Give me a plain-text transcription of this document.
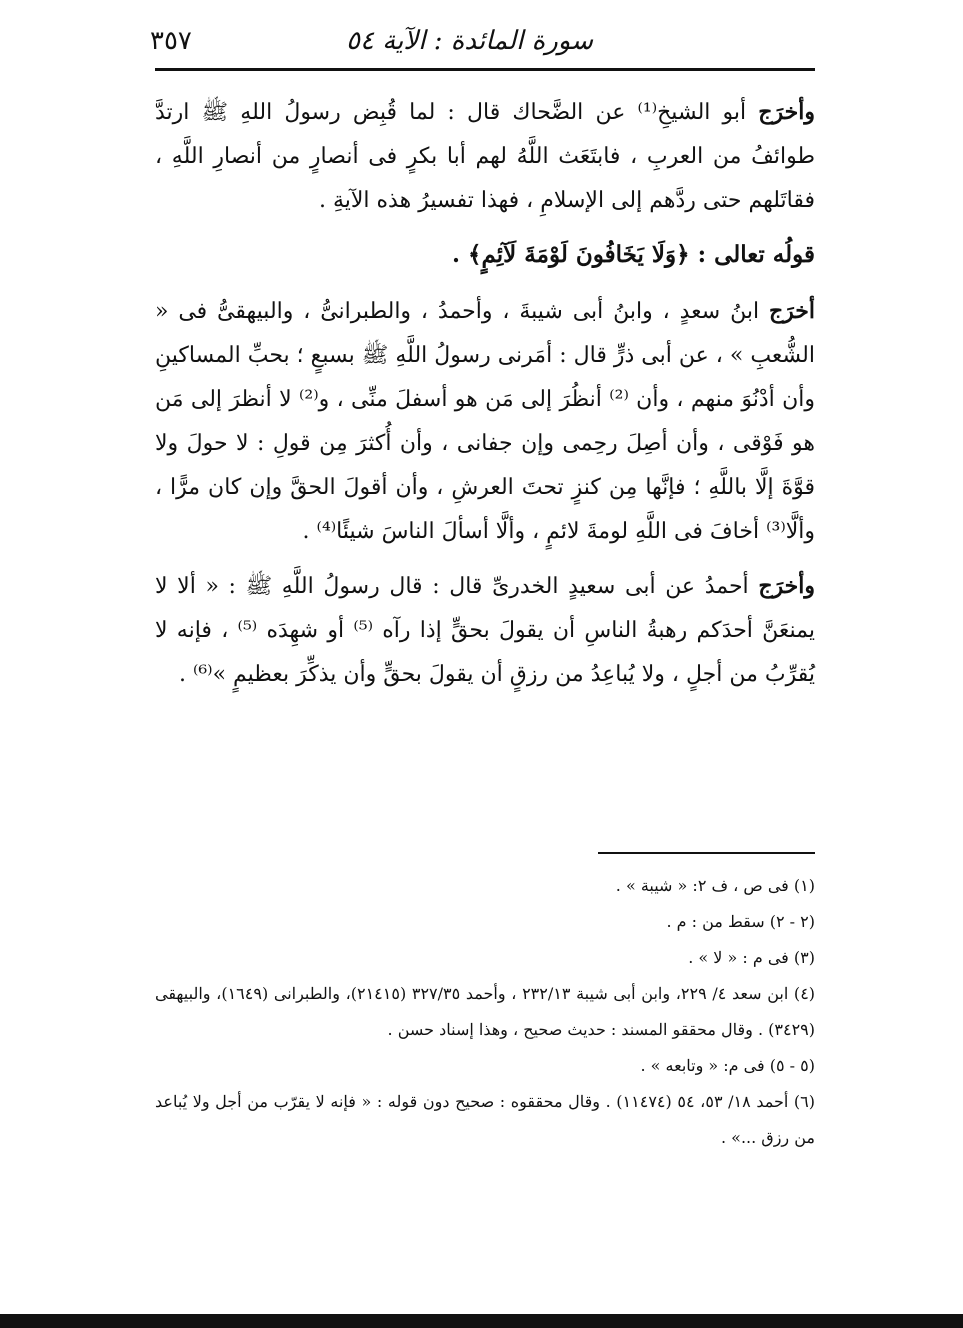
سورة المائدة : الآية ٥٤
٣٥٧

وأخرَج أبو الشيخِ⁽¹⁾ عن الضَّحاك قال : لما قُبِض رسولُ اللهِ ﷺ ارتدَّ طوائفُ من العربِ ، فابتَعَث اللَّهُ لهم أبا بكرٍ فى أنصارٍ من أنصارِ اللَّهِ ، فقاتَلهم حتى ردَّهم إلى الإسلامِ ، فهذا تفسيرُ هذه الآيةِ .

قولُه تعالى : ﴿وَلَا يَخَافُونَ لَوْمَةَ لَآئِمٍ﴾ .

أخرَج ابنُ سعدٍ ، وابنُ أبى شيبةَ ، وأحمدُ ، والطبرانىُّ ، والبيهقىُّ فى « الشُّعبِ » ، عن أبى ذرٍّ قال : أمَرنى رسولُ اللَّهِ ﷺ بسبعٍ ؛ بحبِّ المساكينِ وأن أدْنُوَ منهم ، وأن ⁽²⁾ أنظُرَ إلى مَن هو أسفلَ منِّى ، و⁽²⁾ لا أنظرَ إلى مَن هو فَوْقى ، وأن أصِلَ رحِمى وإن جفانى ، وأن أُكثرَ مِن قولِ : لا حولَ ولا قوَّةَ إلَّا باللَّهِ ؛ فإنَّها مِن كنزٍ تحتَ العرشِ ، وأن أقولَ الحقَّ وإن كان مرًّا ، وألَّا⁽³⁾ أخافَ فى اللَّهِ لومةَ لائمٍ ، وألَّا أسألَ الناسَ شيئًا⁽⁴⁾ .

وأخرَج أحمدُ عن أبى سعيدٍ الخدرىِّ قال : قال رسولُ اللَّهِ ﷺ : « ألا لا يمنعَنَّ أحدَكم رهبةُ الناسِ أن يقولَ بحقٍّ إذا رآه ⁽⁵⁾ أو شهِدَه ⁽⁵⁾ ، فإنه لا يُقرِّبُ من أجلٍ ، ولا يُباعِدُ من رزقٍ أن يقولَ بحقٍّ وأن يذكِّرَ بعظيمٍ »⁽⁶⁾ .

(١) فى ص ، ف ٢: « شيبة » .

(٢ - ٢) سقط من : م .

(٣) فى م : « لا » .

(٤) ابن سعد ٤/ ٢٢٩، وابن أبى شيبة ٢٣٢/١٣ ، وأحمد ٣٢٧/٣٥ (٢١٤١٥)، والطبرانى (١٦٤٩)، والبيهقى (٣٤٢٩) . وقال محققو المسند : حديث صحيح ، وهذا إسناد حسن .

(٥ - ٥) فى م: « وتابعه » .

(٦) أحمد ١٨/ ٥٣، ٥٤ (١١٤٧٤) . وقال محققوه : صحيح دون قوله : « فإنه لا يقرّب من أجل ولا يُباعد من رزق ...» .
